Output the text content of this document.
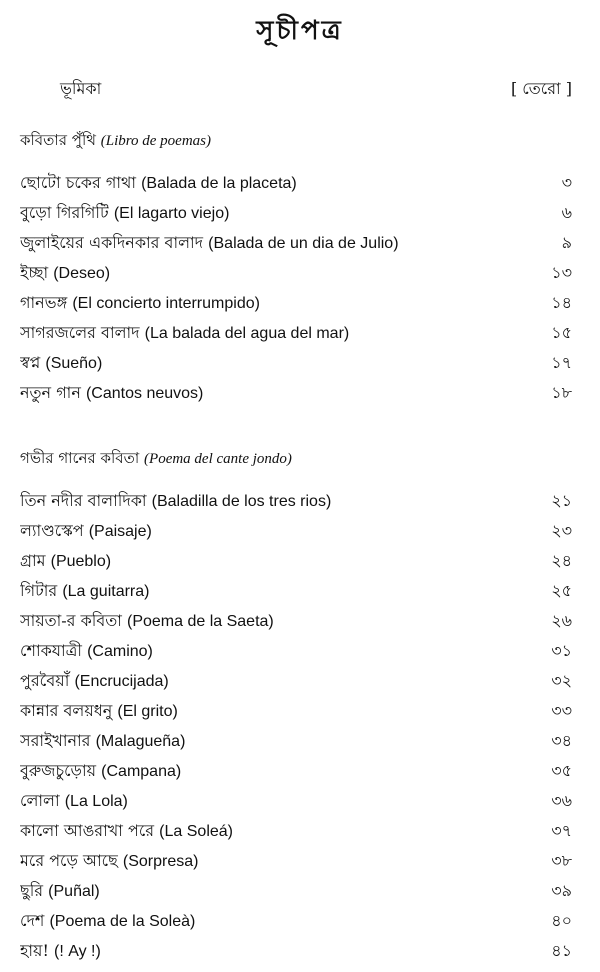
সূচীপত্র
ভূমিকা	[ তেরো ]
কবিতার পুঁথি (Libro de poemas)
ছোটো চকের গাথা (Balada de la placeta)	৩
বুড়ো গিরগিটি (El lagarto viejo)	৬
জুলাইয়ের একদিনকার বালাদ (Balada de un dia de Julio)	৯
ইচ্ছা (Deseo)	১৩
গানভঙ্গ (El concierto interrumpido)	১৪
সাগরজলের বালাদ (La balada del agua del mar)	১৫
স্বপ্ন (Sueño)	১৭
নতুন গান (Cantos neuvos)	১৮
গভীর গানের কবিতা (Poema del cante jondo)
তিন নদীর বালাদিকা (Baladilla de los tres rios)	২১
ল্যাণ্ডস্কেপ (Paisaje)	২৩
গ্রাম (Pueblo)	২৪
গিটার (La guitarra)	২৫
সায়তা-র কবিতা (Poema de la Saeta)	২৬
শোকযাত্রী (Camino)	৩১
পুরবৈয়াঁ (Encrucijada)	৩২
কান্নার বলয়ধনু (El grito)	৩৩
সরাইখানার (Malagueña)	৩৪
বুরুজচুড়োয় (Campana)	৩৫
লোলা (La Lola)	৩৬
কালো আঙরাখা পরে (La Soleá)	৩৭
মরে পড়ে আছে (Sorpresa)	৩৮
ছুরি (Puñal)	৩৯
দেশ (Poema de la Soleà)	৪০
হায়! (! Ay !)	৪১
